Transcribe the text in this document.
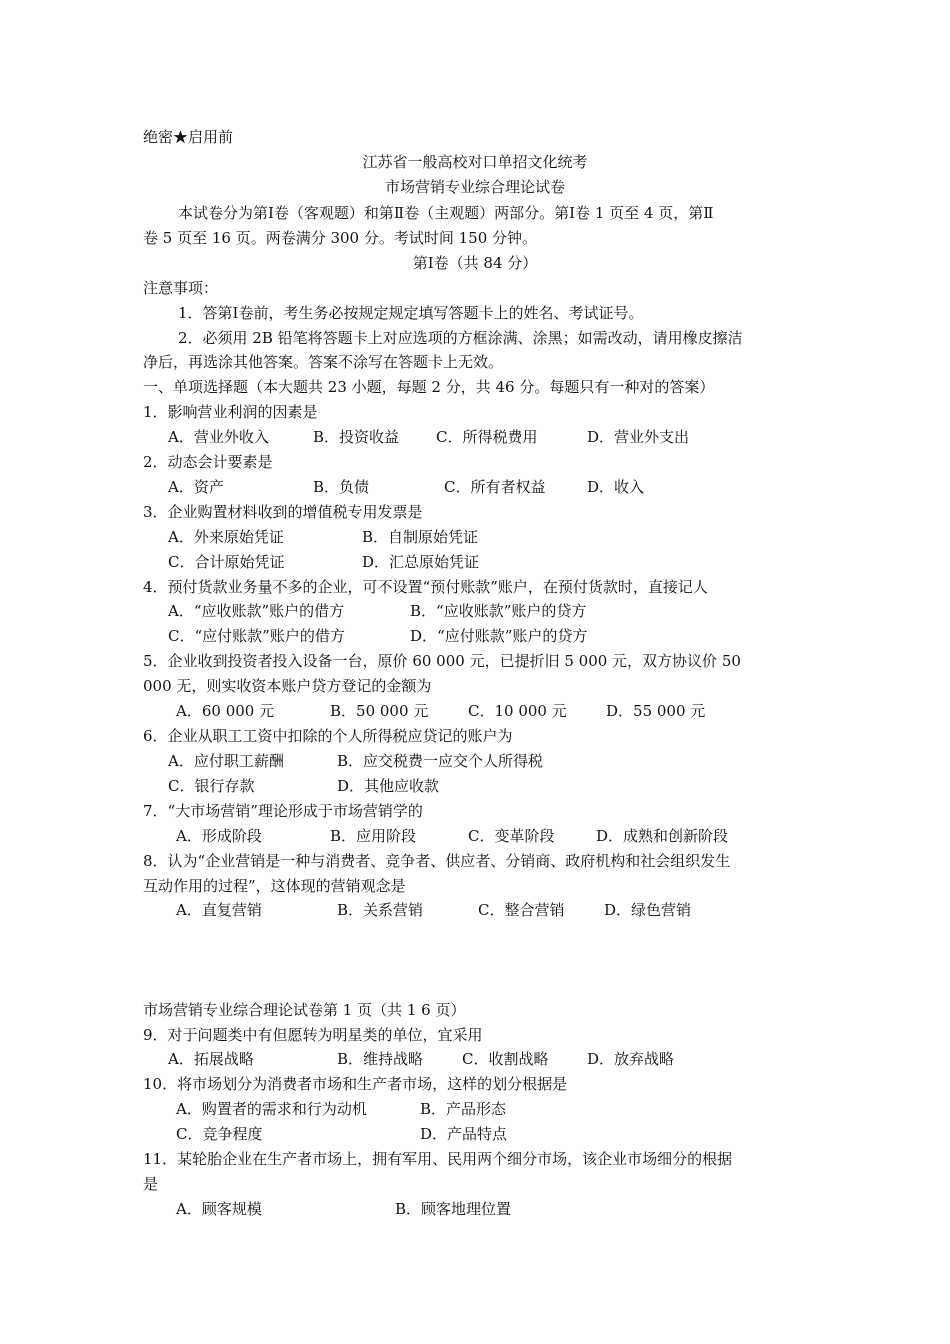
绝密★启用前
江苏省一般高校对口单招文化统考
市场营销专业综合理论试卷
本试卷分为第Ⅰ卷（客观题）和第Ⅱ卷（主观题）两部分。第Ⅰ卷 1 页至 4 页，第Ⅱ
卷 5 页至 16 页。两卷满分 300 分。考试时间 150 分钟。
第Ⅰ卷（共 84 分）
注意事项：
1．答第Ⅰ卷前，考生务必按规定规定填写答题卡上的姓名、考试证号。
2．必须用 2B 铅笔将答题卡上对应选项的方框涂满、涂黑；如需改动，请用橡皮擦洁
净后，再选涂其他答案。答案不涂写在答题卡上无效。
一、单项选择题（本大题共 23 小题，每题 2 分，共 46 分。每题只有一种对的答案）
1．影响营业利润的因素是
A．营业外收入	B．投资收益 C．所得税费用	D．营业外支出
2．动态会计要素是
A．资产	B．负债	C．所有者权益	D．收入
3．企业购置材料收到的增值税专用发票是
A．外来原始凭证	B．自制原始凭证
C．合计原始凭证	D．汇总原始凭证
4．预付货款业务量不多的企业，可不设置“预付账款”账户，在预付货款时，直接记人
A．“应收账款”账户的借方	B．“应收账款”账户的贷方
C．“应付账款”账户的借方	D．“应付账款”账户的贷方
5．企业收到投资者投入设备一台，原价 60 000 元，已提折旧 5 000 元，双方协议价 50
000 无，则实收资本账户贷方登记的金额为
A．60 000 元	B．50 000 元	C．10 000 元	D．55 000 元
6．企业从职工工资中扣除的个人所得税应贷记的账户为
A．应付职工薪酬	B．应交税费一应交个人所得税
C．银行存款	D．其他应收款
7．“大市场营销”理论形成于市场营销学的
A．形成阶段	B．应用阶段	C．变革阶段	D．成熟和创新阶段
8．认为“企业营销是一种与消费者、竞争者、供应者、分销商、政府机构和社会组织发生
互动作用的过程”，这体现的营销观念是
A．直复营销	B．关系营销	C．整合营销	D．绿色营销
市场营销专业综合理论试卷第 1 页（共 1 6 页）
9．对于问题类中有但愿转为明星类的单位，宜采用
A．拓展战略	B．维持战略	C．收割战略	D．放弃战略
10．将市场划分为消费者市场和生产者市场，这样的划分根据是
A．购置者的需求和行为动机	B．产品形态
C．竞争程度	D．产品特点
11．某轮胎企业在生产者市场上，拥有军用、民用两个细分市场，该企业市场细分的根据
是
A．顾客规模	B．顾客地理位置
